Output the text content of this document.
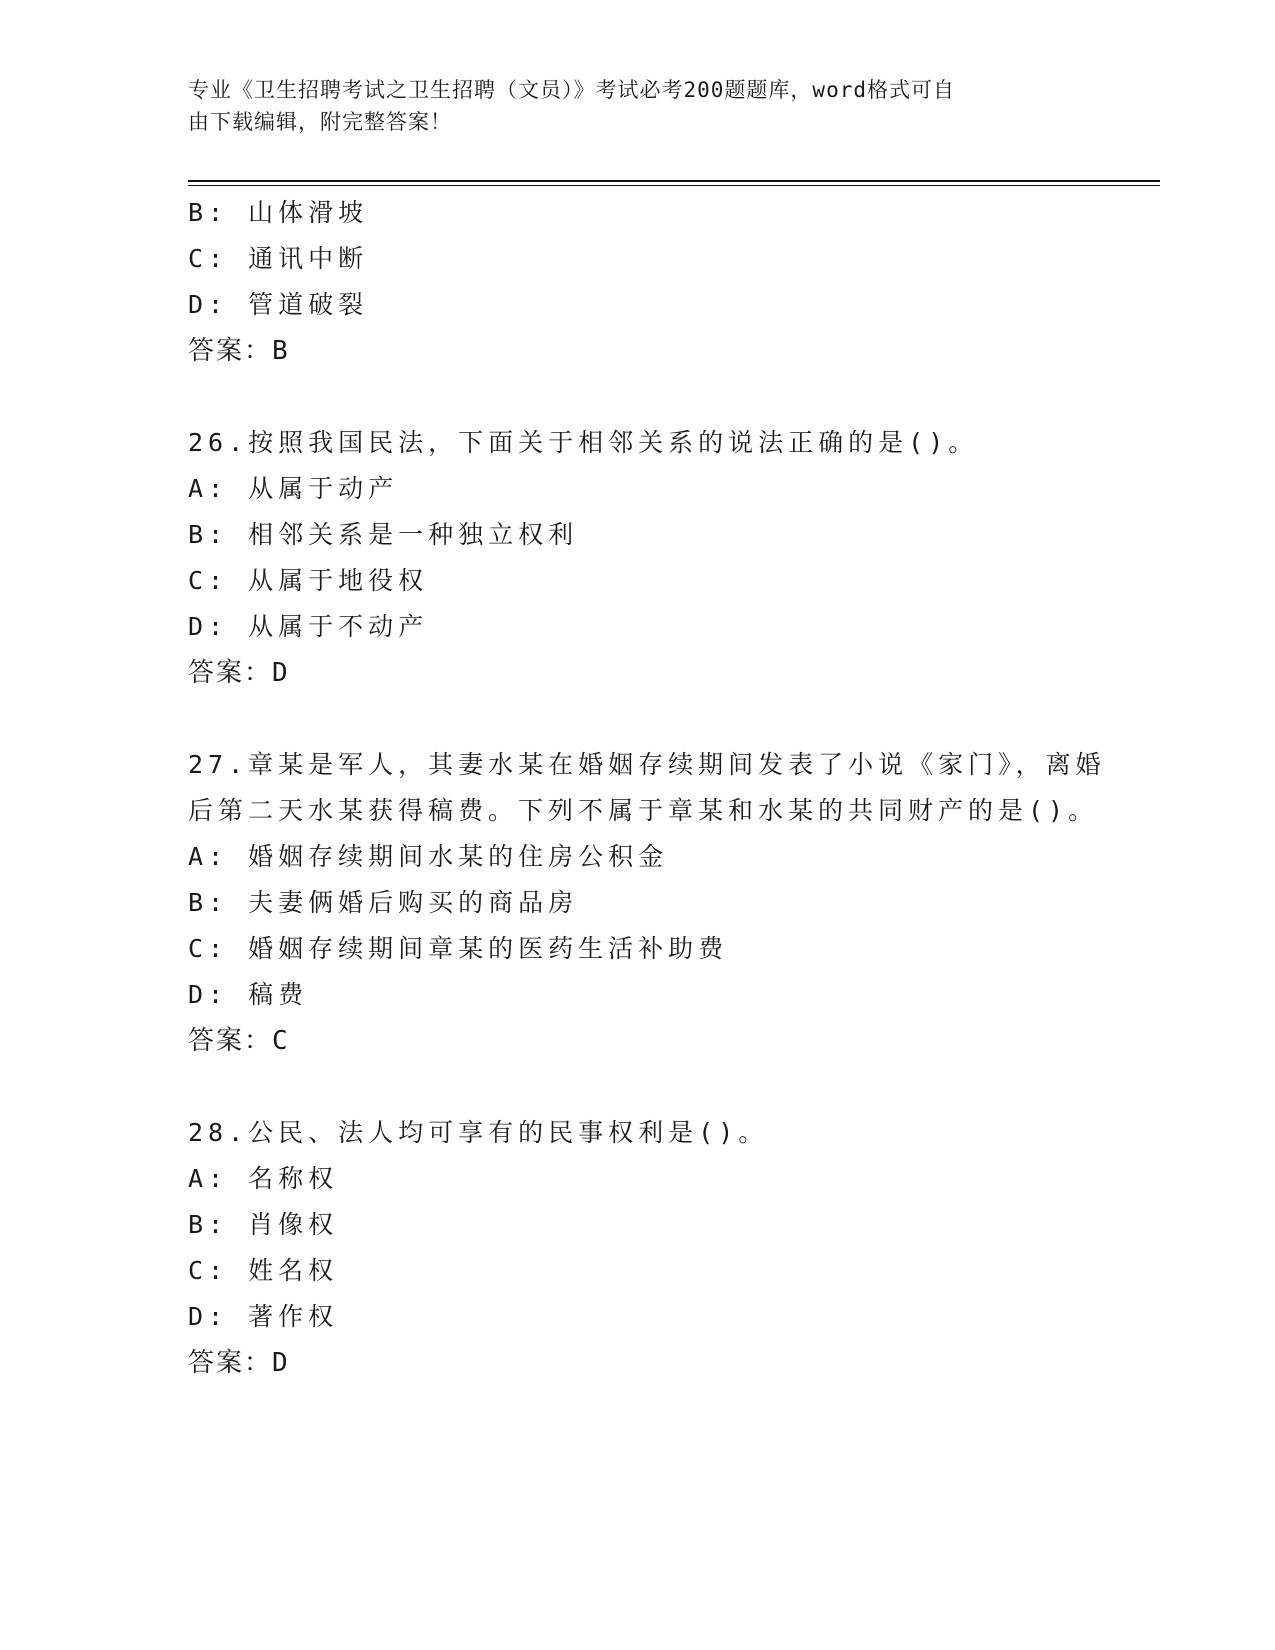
专业《卫生招聘考试之卫生招聘（文员）》考试必考200题题库，word格式可自
由下载编辑，附完整答案！
B: 山体滑坡
C: 通讯中断
D: 管道破裂
答案：B
26.按照我国民法，下面关于相邻关系的说法正确的是()。
A: 从属于动产
B: 相邻关系是一种独立权利
C: 从属于地役权
D: 从属于不动产
答案：D
27.章某是军人，其妻水某在婚姻存续期间发表了小说《家门》，离婚
后第二天水某获得稿费。下列不属于章某和水某的共同财产的是()。
A: 婚姻存续期间水某的住房公积金
B: 夫妻俩婚后购买的商品房
C: 婚姻存续期间章某的医药生活补助费
D: 稿费
答案：C
28.公民、法人均可享有的民事权利是()。
A: 名称权
B: 肖像权
C: 姓名权
D: 著作权
答案：D
